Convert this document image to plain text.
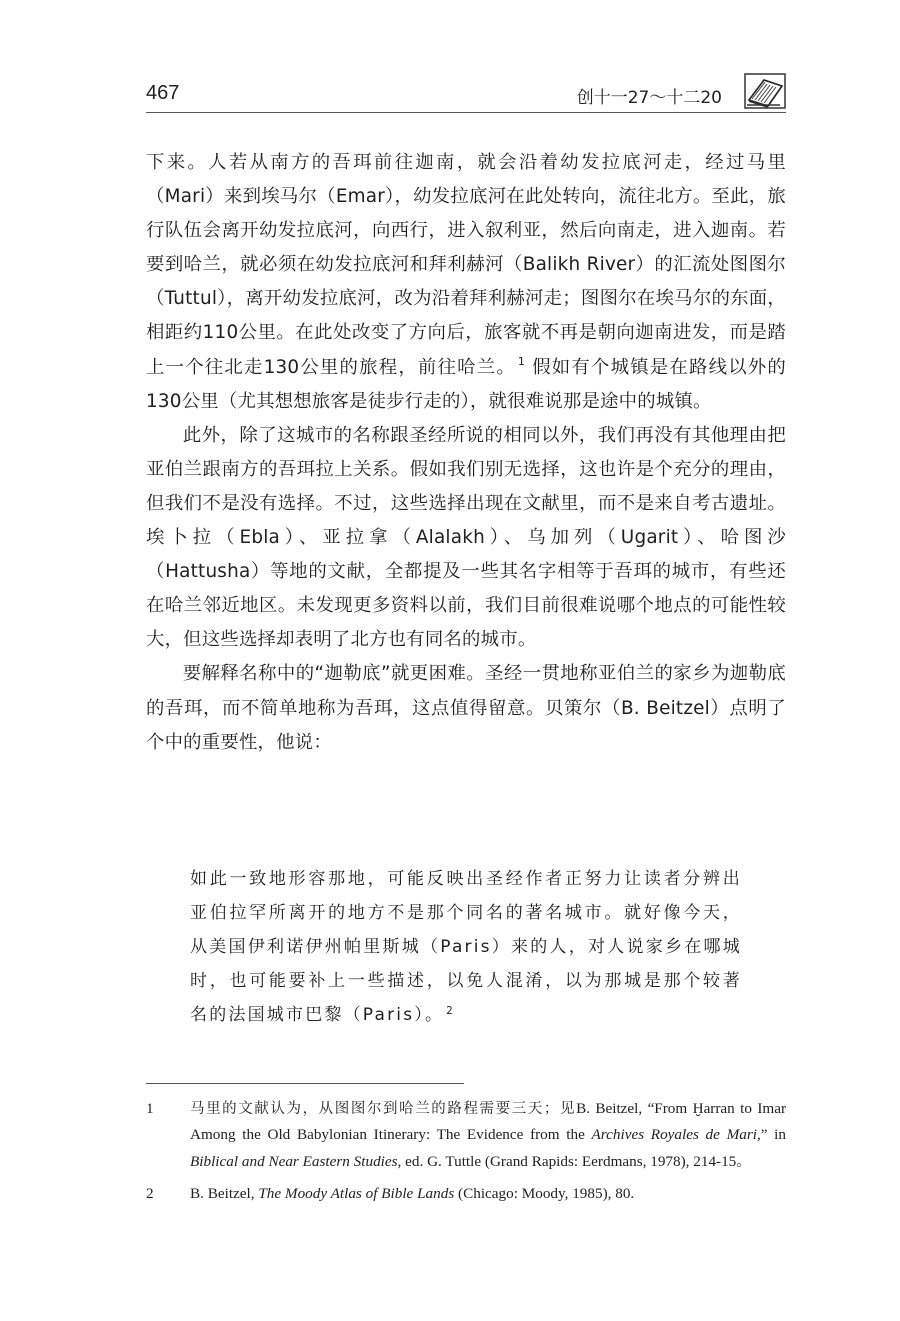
467	创十一27～十二20

下来。人若从南方的吾珥前往迦南，就会沿着幼发拉底河走，经过马里（Mari）来到埃马尔（Emar），幼发拉底河在此处转向，流往北方。至此，旅行队伍会离开幼发拉底河，向西行，进入叙利亚，然后向南走，进入迦南。若要到哈兰，就必须在幼发拉底河和拜利赫河（Balikh River）的汇流处图图尔（Tuttul），离开幼发拉底河，改为沿着拜利赫河走；图图尔在埃马尔的东面，相距约110公里。在此处改变了方向后，旅客就不再是朝向迦南进发，而是踏上一个往北走130公里的旅程，前往哈兰。 $^1$ 假如有个城镇是在路线以外的130公里（尤其想想旅客是徒步行走的），就很难说那是途中的城镇。

此外，除了这城市的名称跟圣经所说的相同以外，我们再没有其他理由把亚伯兰跟南方的吾珥拉上关系。假如我们别无选择，这也许是个充分的理由，但我们不是没有选择。不过，这些选择出现在文献里，而不是来自考古遗址。埃卜拉（Ebla）、亚拉拿（Alalakh）、乌加列（Ugarit）、哈图沙（Hattusha）等地的文献，全都提及一些其名字相等于吾珥的城市，有些还在哈兰邻近地区。未发现更多资料以前，我们目前很难说哪个地点的可能性较大，但这些选择却表明了北方也有同名的城市。

要解释名称中的“迦勒底”就更困难。圣经一贯地称亚伯兰的家乡为迦勒底的吾珥，而不简单地称为吾珥，这点值得留意。贝策尔（B. Beitzel）点明了个中的重要性，他说：

如此一致地形容那地，可能反映出圣经作者正努力让读者分辨出亚伯拉罕所离开的地方不是那个同名的著名城市。就好像今天，从美国伊利诺伊州帕里斯城（Paris）来的人，对人说家乡在哪城时，也可能要补上一些描述，以免人混淆，以为那城是那个较著名的法国城市巴黎（Paris）。 $^2$
1	马里的文献认为，从图图尔到哈兰的路程需要三天；见B. Beitzel, “From Ḫarran to Imar Among the Old Babylonian Itinerary: The Evidence from the Archives Royales de Mari,” in Biblical and Near Eastern Studies, ed. G. Tuttle (Grand Rapids: Eerdmans, 1978), 214-15。
2 B. Beitzel, The Moody Atlas of Bible Lands (Chicago: Moody, 1985), 80.
